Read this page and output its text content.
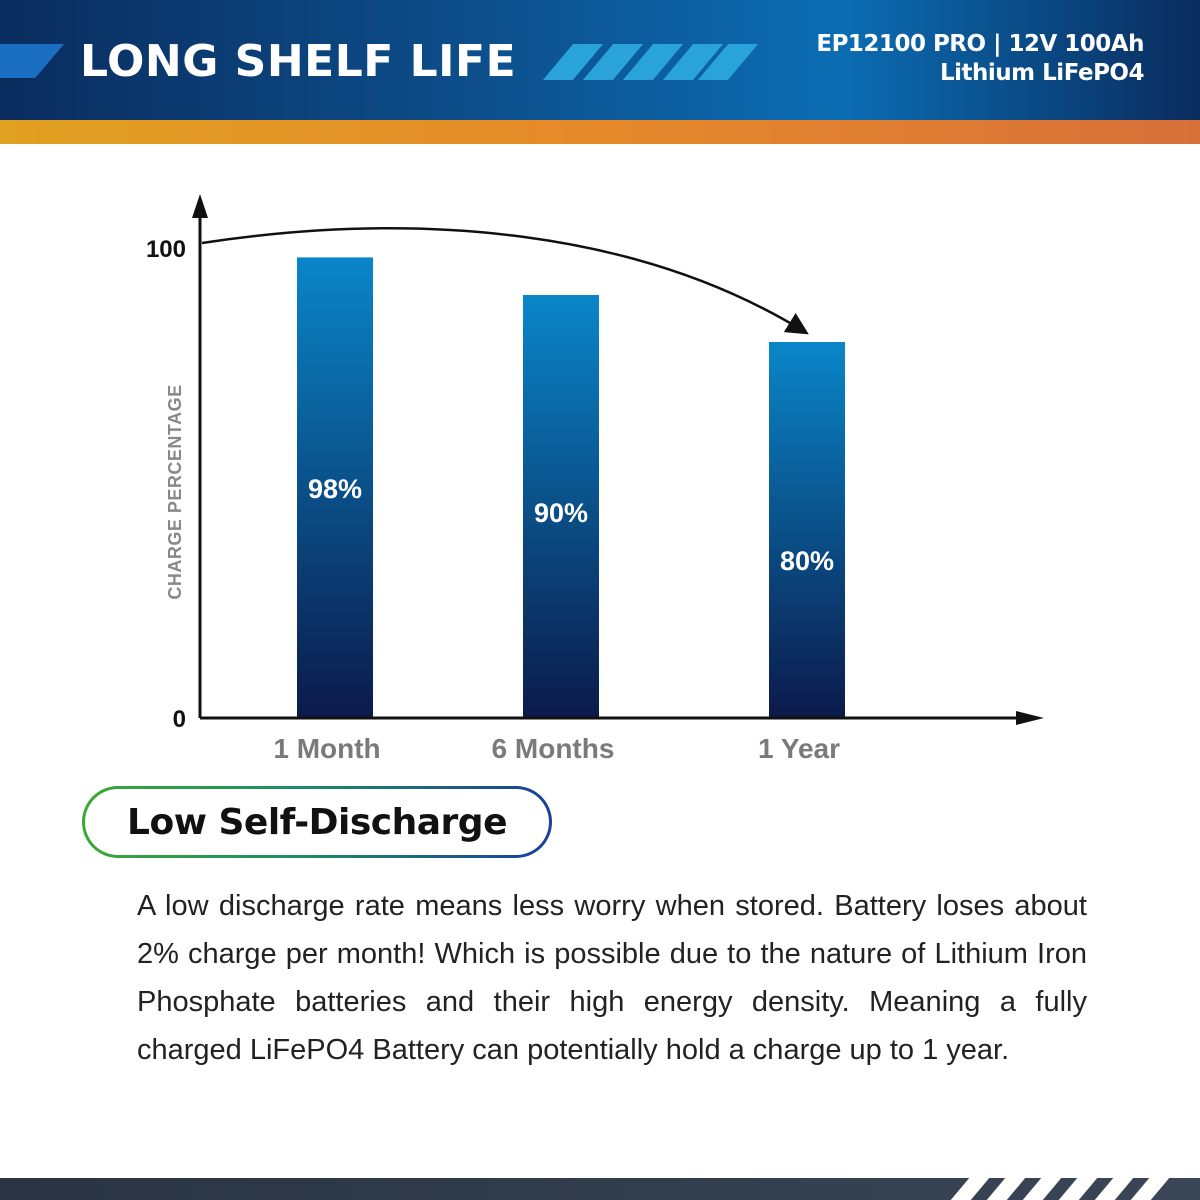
LONG SHELF LIFE	EP12100 PRO | 12V 100Ah
Lithium LiFePO4
98%
1 Month
90%
6 Months
80%
1 Year
0
100
CHARGE PERCENTAGE
Low Self-Discharge

A low discharge rate means less worry when stored. Battery loses about 2% charge per month! Which is possible due to the nature of Lithium Iron Phosphate batteries and their high energy density. Meaning a fully charged LiFePO4 Battery can potentially hold a charge up to 1 year.
